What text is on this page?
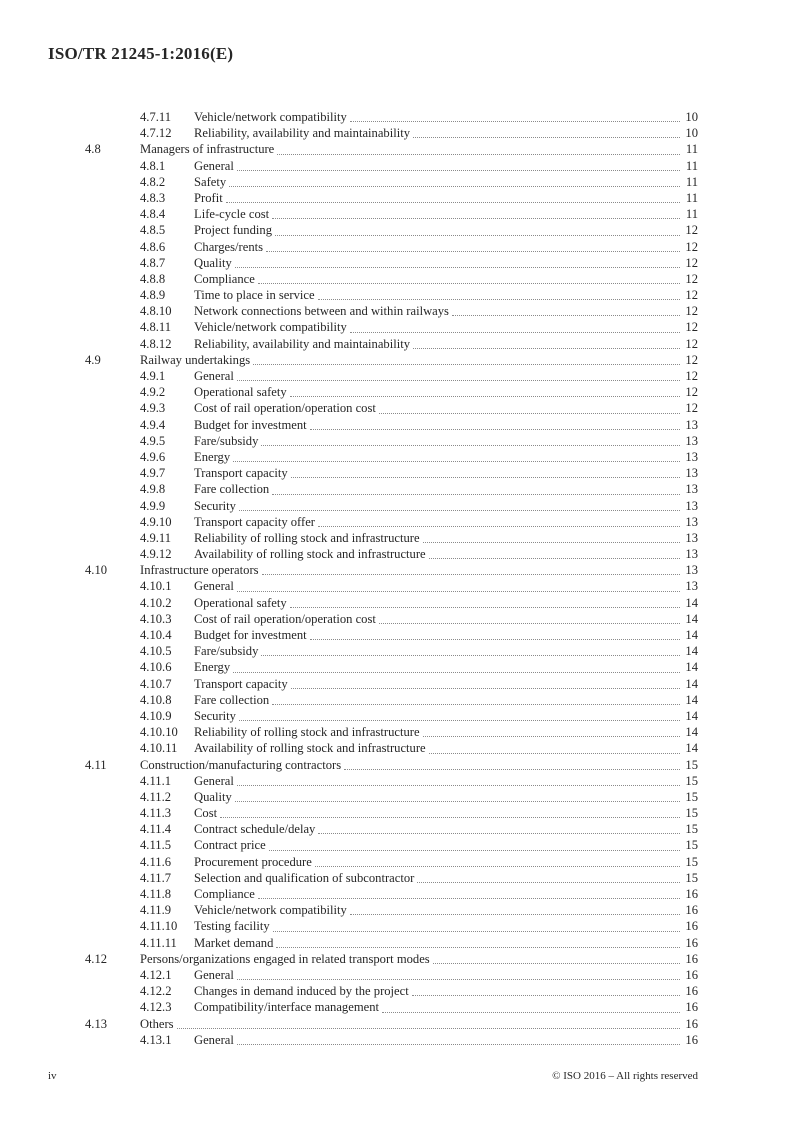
ISO/TR 21245-1:2016(E)
4.7.11	Vehicle/network compatibility	10
4.7.12	Reliability, availability and maintainability	10
4.8	Managers of infrastructure	11
4.8.1	General	11
4.8.2	Safety	11
4.8.3	Profit	11
4.8.4	Life-cycle cost	11
4.8.5	Project funding	12
4.8.6	Charges/rents	12
4.8.7	Quality	12
4.8.8	Compliance	12
4.8.9	Time to place in service	12
4.8.10	Network connections between and within railways	12
4.8.11	Vehicle/network compatibility	12
4.8.12	Reliability, availability and maintainability	12
4.9	Railway undertakings	12
4.9.1	General	12
4.9.2	Operational safety	12
4.9.3	Cost of rail operation/operation cost	12
4.9.4	Budget for investment	13
4.9.5	Fare/subsidy	13
4.9.6	Energy	13
4.9.7	Transport capacity	13
4.9.8	Fare collection	13
4.9.9	Security	13
4.9.10	Transport capacity offer	13
4.9.11	Reliability of rolling stock and infrastructure	13
4.9.12	Availability of rolling stock and infrastructure	13
4.10	Infrastructure operators	13
4.10.1	General	13
4.10.2	Operational safety	14
4.10.3	Cost of rail operation/operation cost	14
4.10.4	Budget for investment	14
4.10.5	Fare/subsidy	14
4.10.6	Energy	14
4.10.7	Transport capacity	14
4.10.8	Fare collection	14
4.10.9	Security	14
4.10.10	Reliability of rolling stock and infrastructure	14
4.10.11	Availability of rolling stock and infrastructure	14
4.11	Construction/manufacturing contractors	15
4.11.1	General	15
4.11.2	Quality	15
4.11.3	Cost	15
4.11.4	Contract schedule/delay	15
4.11.5	Contract price	15
4.11.6	Procurement procedure	15
4.11.7	Selection and qualification of subcontractor	15
4.11.8	Compliance	16
4.11.9	Vehicle/network compatibility	16
4.11.10	Testing facility	16
4.11.11	Market demand	16
4.12	Persons/organizations engaged in related transport modes	16
4.12.1	General	16
4.12.2	Changes in demand induced by the project	16
4.12.3	Compatibility/interface management	16
4.13	Others	16
4.13.1	General	16
iv	© ISO 2016 – All rights reserved
